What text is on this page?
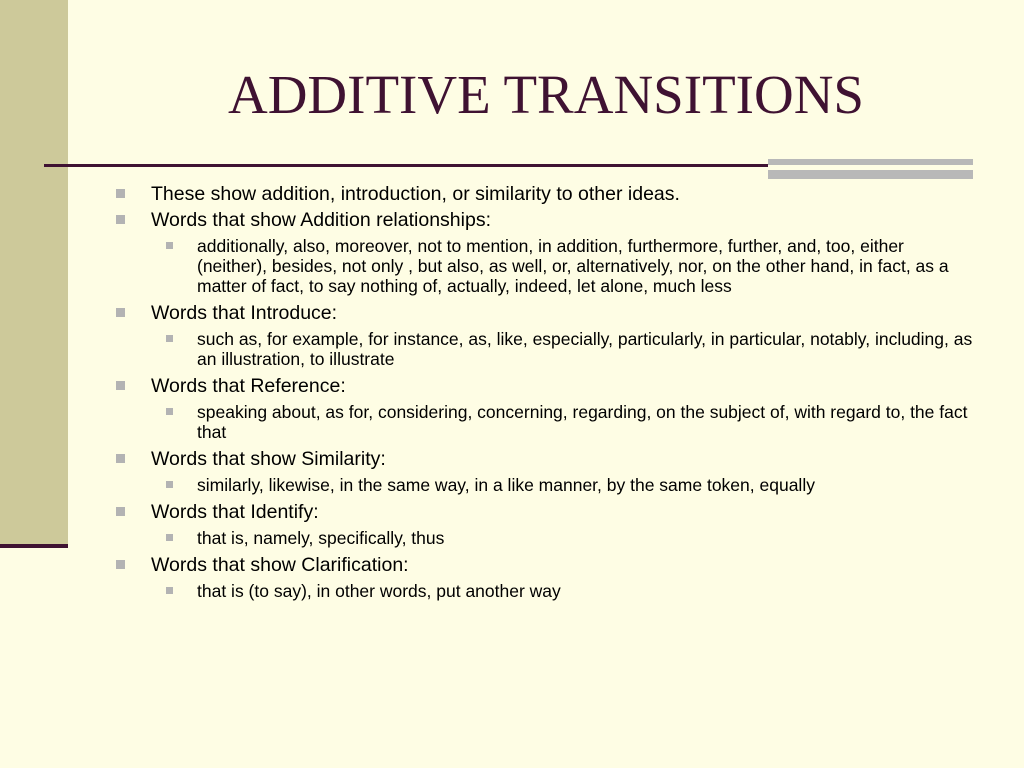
ADDITIVE TRANSITIONS

These show addition, introduction, or similarity to other ideas.

Words that show Addition relationships:

additionally, also, moreover, not to mention, in addition, furthermore, further, and, too, either (neither), besides, not only , but also, as well, or, alternatively, nor, on the other hand, in fact, as a matter of fact, to say nothing of, actually, indeed, let alone, much less

Words that Introduce:

such as, for example, for instance, as, like, especially, particularly, in particular, notably, including, as an illustration, to illustrate

Words that Reference:

speaking about, as for, considering, concerning, regarding, on the subject of, with regard to, the fact that

Words that show Similarity:

similarly, likewise, in the same way, in a like manner, by the same token, equally

Words that Identify:

that is, namely, specifically, thus

Words that show Clarification:

that is (to say), in other words, put another way
